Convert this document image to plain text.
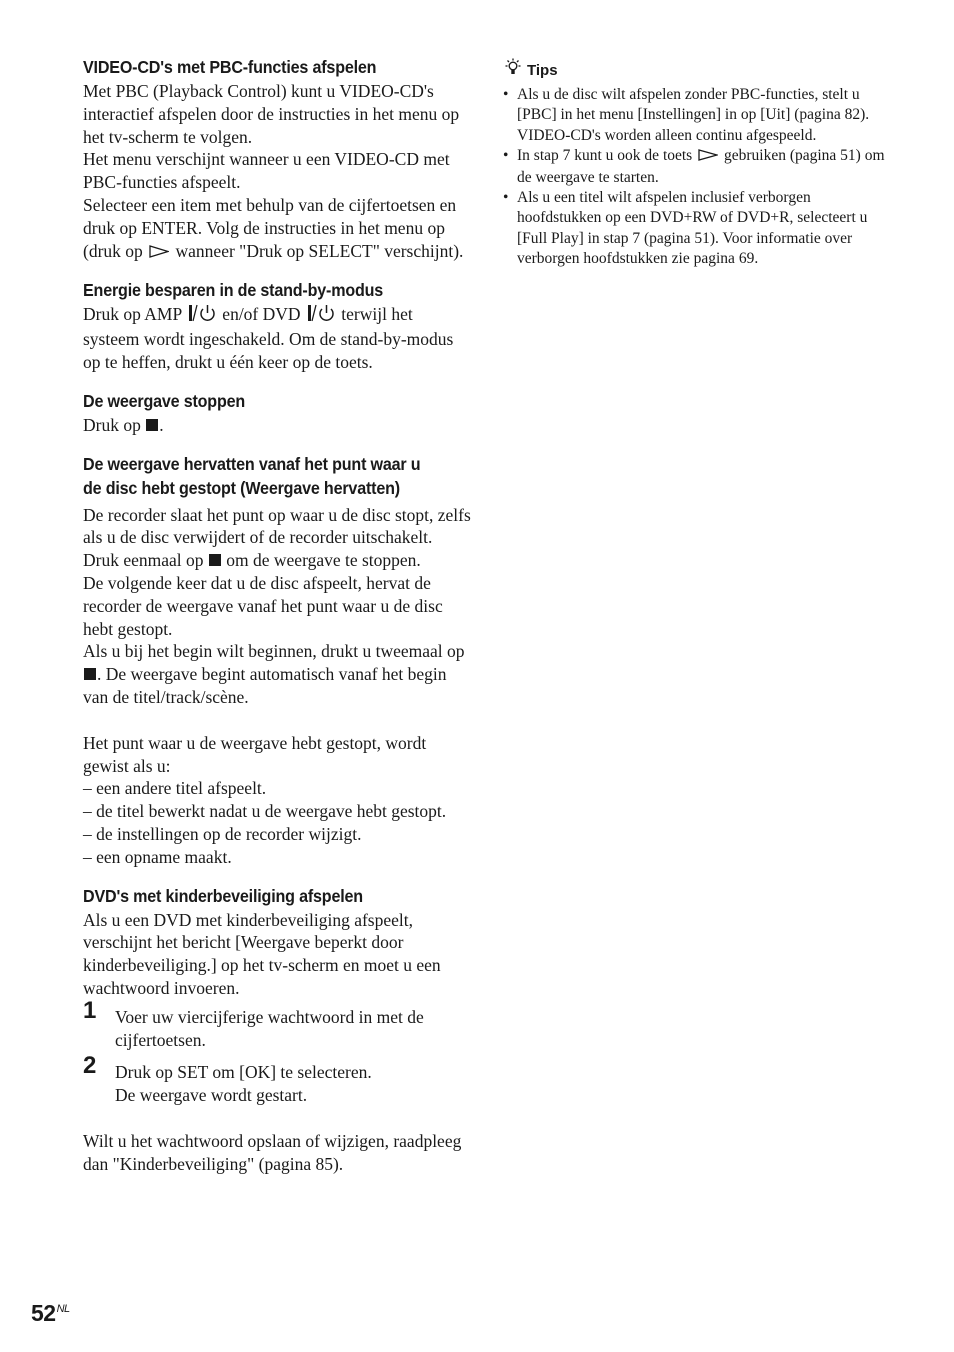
VIDEO-CD's met PBC-functies afspelen

Met PBC (Playback Control) kunt u VIDEO-CD's interactief afspelen door de instructies in het menu op het tv-scherm te volgen.

Het menu verschijnt wanneer u een VIDEO-CD met PBC-functies afspeelt.

Selecteer een item met behulp van de cijfertoetsen en druk op ENTER. Volg de instructies in het menu op (druk op wanneer "Druk op SELECT" verschijnt).

Energie besparen in de stand-by-modus

Druk op AMP en/of DVD terwijl het systeem wordt ingeschakeld. Om de stand-by-modus op te heffen, drukt u één keer op de toets.

De weergave stoppen

Druk op .

De weergave hervatten vanaf het punt waar u
de disc hebt gestopt (Weergave hervatten)

De recorder slaat het punt op waar u de disc stopt, zelfs als u de disc verwijdert of de recorder uitschakelt.

Druk eenmaal op om de weergave te stoppen.

De volgende keer dat u de disc afspeelt, hervat de recorder de weergave vanaf het punt waar u de disc hebt gestopt.

Als u bij het begin wilt beginnen, drukt u tweemaal op . De weergave begint automatisch vanaf het begin van de titel/track/scène.

Het punt waar u de weergave hebt gestopt, wordt gewist als u:

– een andere titel afspeelt.
– de titel bewerkt nadat u de weergave hebt gestopt.
– de instellingen op de recorder wijzigt.
– een opname maakt.
DVD's met kinderbeveiliging afspelen

Als u een DVD met kinderbeveiliging afspeelt, verschijnt het bericht [Weergave beperkt door kinderbeveiliging.] op het tv-scherm en moet u een wachtwoord invoeren.

1	Voer uw viercijferige wachtwoord in met de cijfertoetsen.
2	Druk op SET om [OK] te selecteren.
De weergave wordt gestart.

Wilt u het wachtwoord opslaan of wijzigen, raadpleeg dan "Kinderbeveiliging" (pagina 85).

Tips
• Als u de disc wilt afspelen zonder PBC-functies, stelt u [PBC] in het menu [Instellingen] in op [Uit] (pagina 82). VIDEO-CD's worden alleen continu afgespeeld.
• In stap 7 kunt u ook de toets gebruiken (pagina 51) om de weergave te starten.
• Als u een titel wilt afspelen inclusief verborgen hoofdstukken op een DVD+RW of DVD+R, selecteert u [Full Play] in stap 7 (pagina 51). Voor informatie over verborgen hoofdstukken zie pagina 69.
$52^{NL}$
